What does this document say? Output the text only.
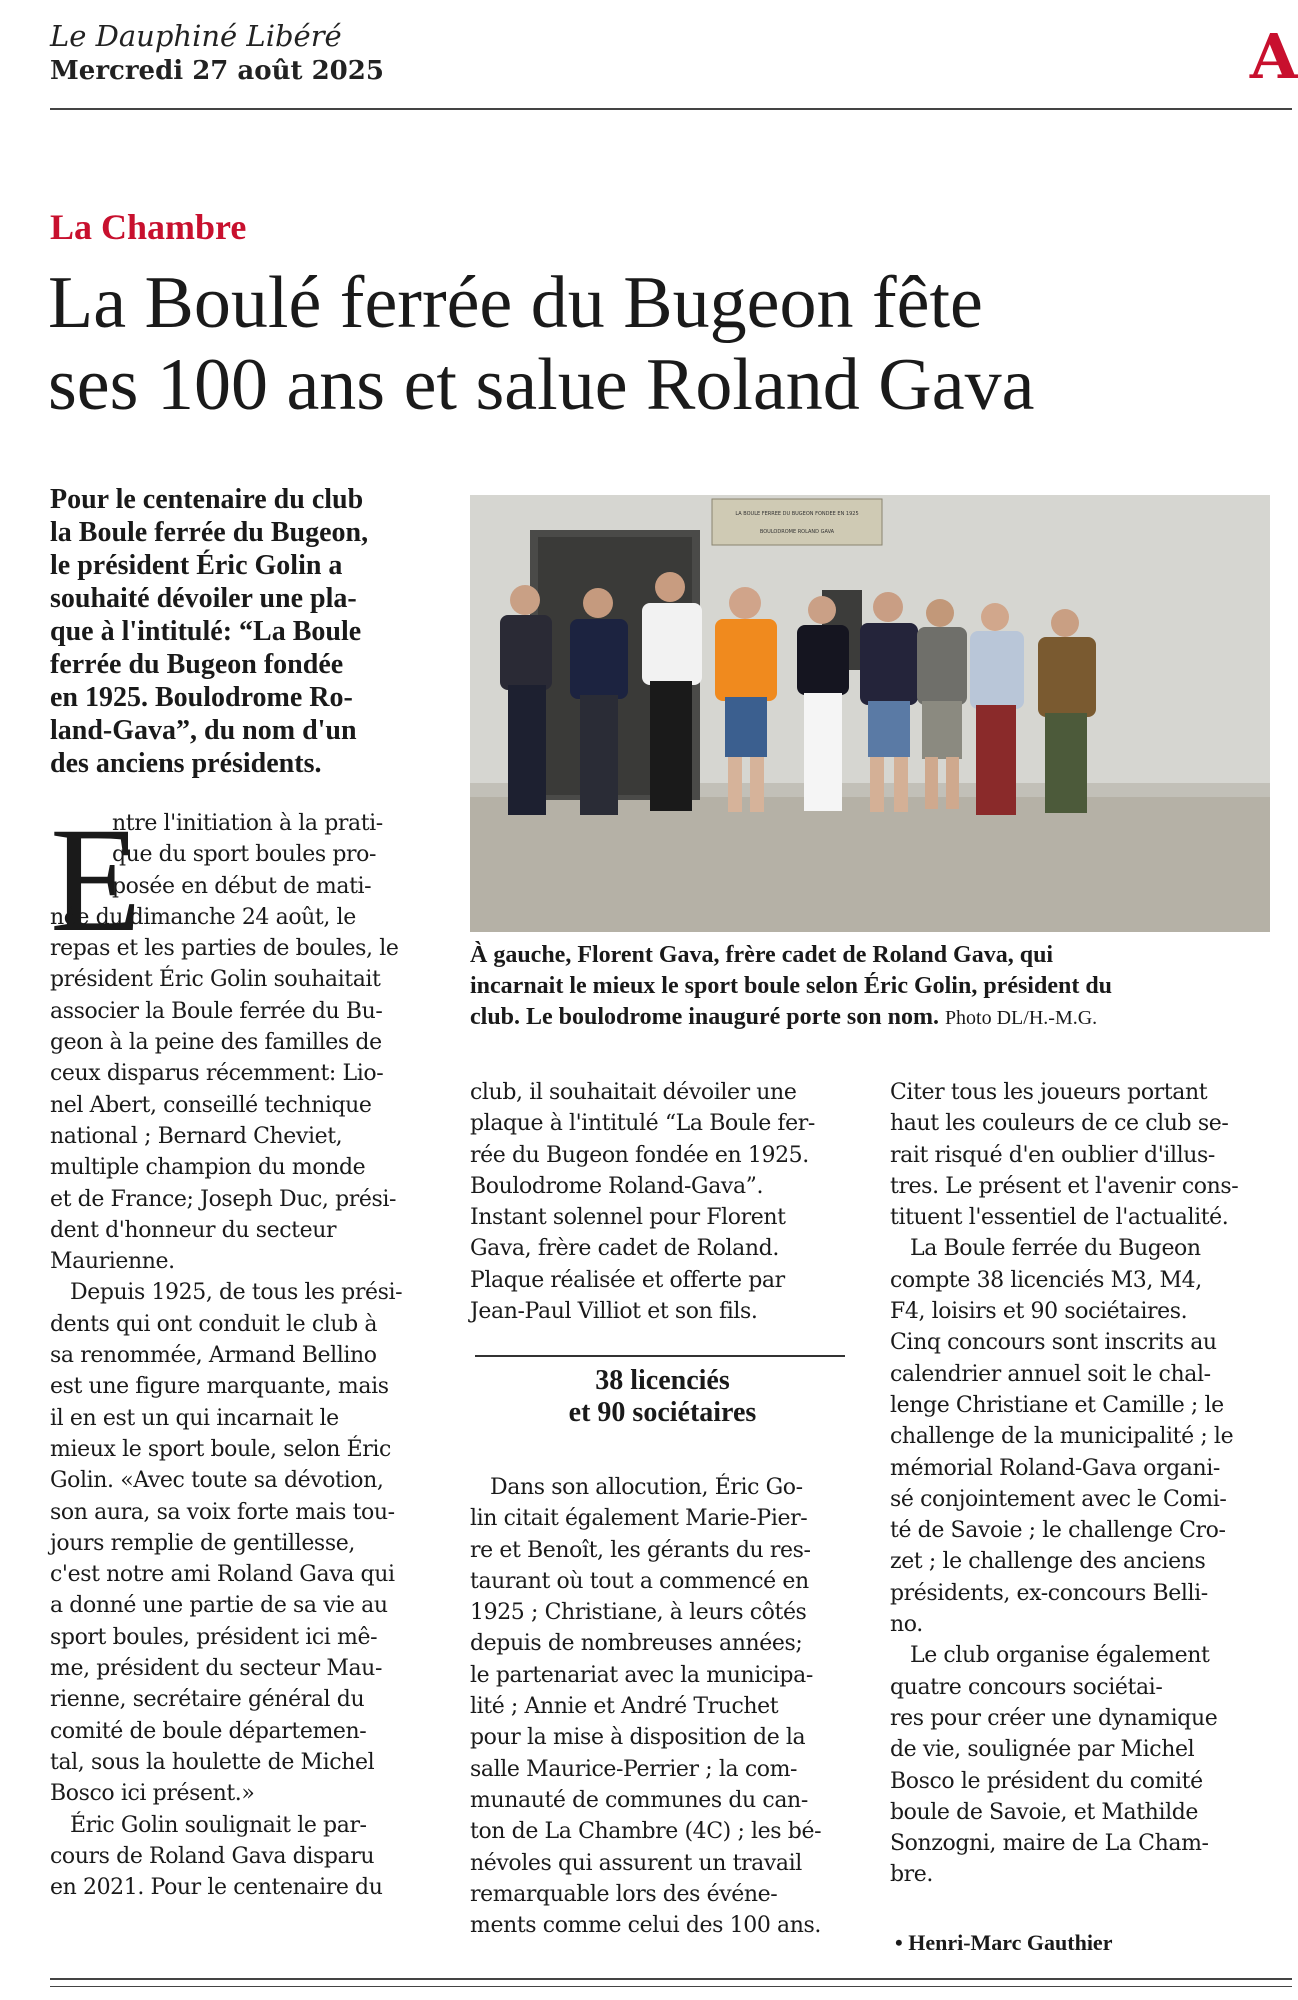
Le Dauphiné Libéré
Mercredi 27 août 2025	A
La Chambre
La Boulé ferrée du Bugeon fête
ses 100 ans et salue Roland Gava
Pour le centenaire du club
la Boule ferrée du Bugeon,
le président Éric Golin a
souhaité dévoiler une pla-
que à l'intitulé: “La Boule
ferrée du Bugeon fondée
en 1925. Boulodrome Ro-
land-Gava”, du nom d'un
des anciens présidents.
LA BOULE FERREE DU BUGEON FONDEE EN 1925
BOULODROME ROLAND GAVA
À gauche, Florent Gava, frère cadet de Roland Gava, qui
incarnait le mieux le sport boule selon Éric Golin, président du
club. Le boulodrome inauguré porte son nom. Photo DL/H.-M.G.
E
ntre l'initiation à la prati-
que du sport boules pro-
posée en début de mati-
née du dimanche 24 août, le
repas et les parties de boules, le
président Éric Golin souhaitait
associer la Boule ferrée du Bu-
geon à la peine des familles de
ceux disparus récemment: Lio-
nel Abert, conseillé technique
national ; Bernard Cheviet,
multiple champion du monde
et de France; Joseph Duc, prési-
dent d'honneur du secteur
Maurienne.
Depuis 1925, de tous les prési-
dents qui ont conduit le club à
sa renommée, Armand Bellino
est une figure marquante, mais
il en est un qui incarnait le
mieux le sport boule, selon Éric
Golin. «Avec toute sa dévotion,
son aura, sa voix forte mais tou-
jours remplie de gentillesse,
c'est notre ami Roland Gava qui
a donné une partie de sa vie au
sport boules, président ici mê-
me, président du secteur Mau-
rienne, secrétaire général du
comité de boule départemen-
tal, sous la houlette de Michel
Bosco ici présent.»
Éric Golin soulignait le par-
cours de Roland Gava disparu
en 2021. Pour le centenaire du
club, il souhaitait dévoiler une
plaque à l'intitulé “La Boule fer-
rée du Bugeon fondée en 1925.
Boulodrome Roland-Gava”.
Instant solennel pour Florent
Gava, frère cadet de Roland.
Plaque réalisée et offerte par
Jean-Paul Villiot et son fils.
38 licenciés
et 90 sociétaires
Dans son allocution, Éric Go-
lin citait également Marie-Pier-
re et Benoît, les gérants du res-
taurant où tout a commencé en
1925 ; Christiane, à leurs côtés
depuis de nombreuses années;
le partenariat avec la municipa-
lité ; Annie et André Truchet
pour la mise à disposition de la
salle Maurice-Perrier ; la com-
munauté de communes du can-
ton de La Chambre (4C) ; les bé-
névoles qui assurent un travail
remarquable lors des événe-
ments comme celui des 100 ans.
Citer tous les joueurs portant
haut les couleurs de ce club se-
rait risqué d'en oublier d'illus-
tres. Le présent et l'avenir cons-
tituent l'essentiel de l'actualité.
La Boule ferrée du Bugeon
compte 38 licenciés M3, M4,
F4, loisirs et 90 sociétaires.
Cinq concours sont inscrits au
calendrier annuel soit le chal-
lenge Christiane et Camille ; le
challenge de la municipalité ; le
mémorial Roland-Gava organi-
sé conjointement avec le Comi-
té de Savoie ; le challenge Cro-
zet ; le challenge des anciens
présidents, ex-concours Belli-
no.
Le club organise également
quatre concours sociétai-
res pour créer une dynamique
de vie, soulignée par Michel
Bosco le président du comité
boule de Savoie, et Mathilde
Sonzogni, maire de La Cham-
bre.
• Henri-Marc Gauthier
